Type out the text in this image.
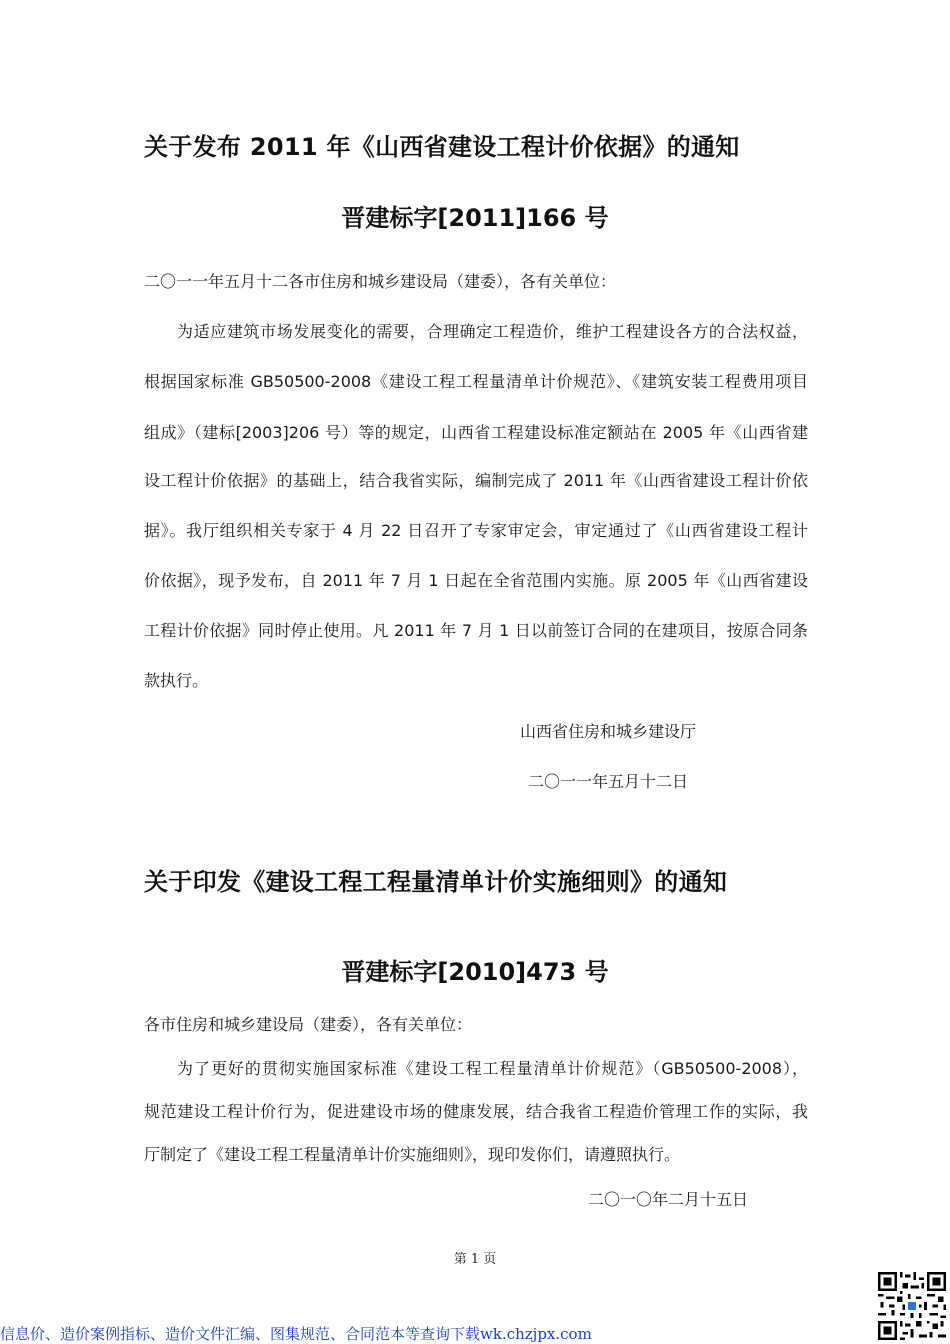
关于发布 2011 年《山西省建设工程计价依据》的通知
晋建标字[2011]166 号
二〇一一年五月十二各市住房和城乡建设局（建委），各有关单位：
为适应建筑市场发展变化的需要，合理确定工程造价，维护工程建设各方的合法权益，
根据国家标准 GB50500-2008《建设工程工程量清单计价规范》、《建筑安装工程费用项目
组成》（建标[2003]206 号）等的规定，山西省工程建设标准定额站在 2005 年《山西省建
设工程计价依据》的基础上，结合我省实际，编制完成了 2011 年《山西省建设工程计价依
据》。我厅组织相关专家于 4 月 22 日召开了专家审定会，审定通过了《山西省建设工程计
价依据》，现予发布，自 2011 年 7 月 1 日起在全省范围内实施。原 2005 年《山西省建设
工程计价依据》同时停止使用。凡 2011 年 7 月 1 日以前签订合同的在建项目，按原合同条
款执行。
山西省住房和城乡建设厅
二〇一一年五月十二日
关于印发《建设工程工程量清单计价实施细则》的通知
晋建标字[2010]473 号
各市住房和城乡建设局（建委），各有关单位：
为了更好的贯彻实施国家标准《建设工程工程量清单计价规范》（GB50500-2008），
规范建设工程计价行为，促进建设市场的健康发展，结合我省工程造价管理工作的实际，我
厅制定了《建设工程工程量清单计价实施细则》，现印发你们，请遵照执行。
二〇一〇年二月十五日
第 1 页
信息价、造价案例指标、造价文件汇编、图集规范、合同范本等查询下载wk.chzjpx.com
